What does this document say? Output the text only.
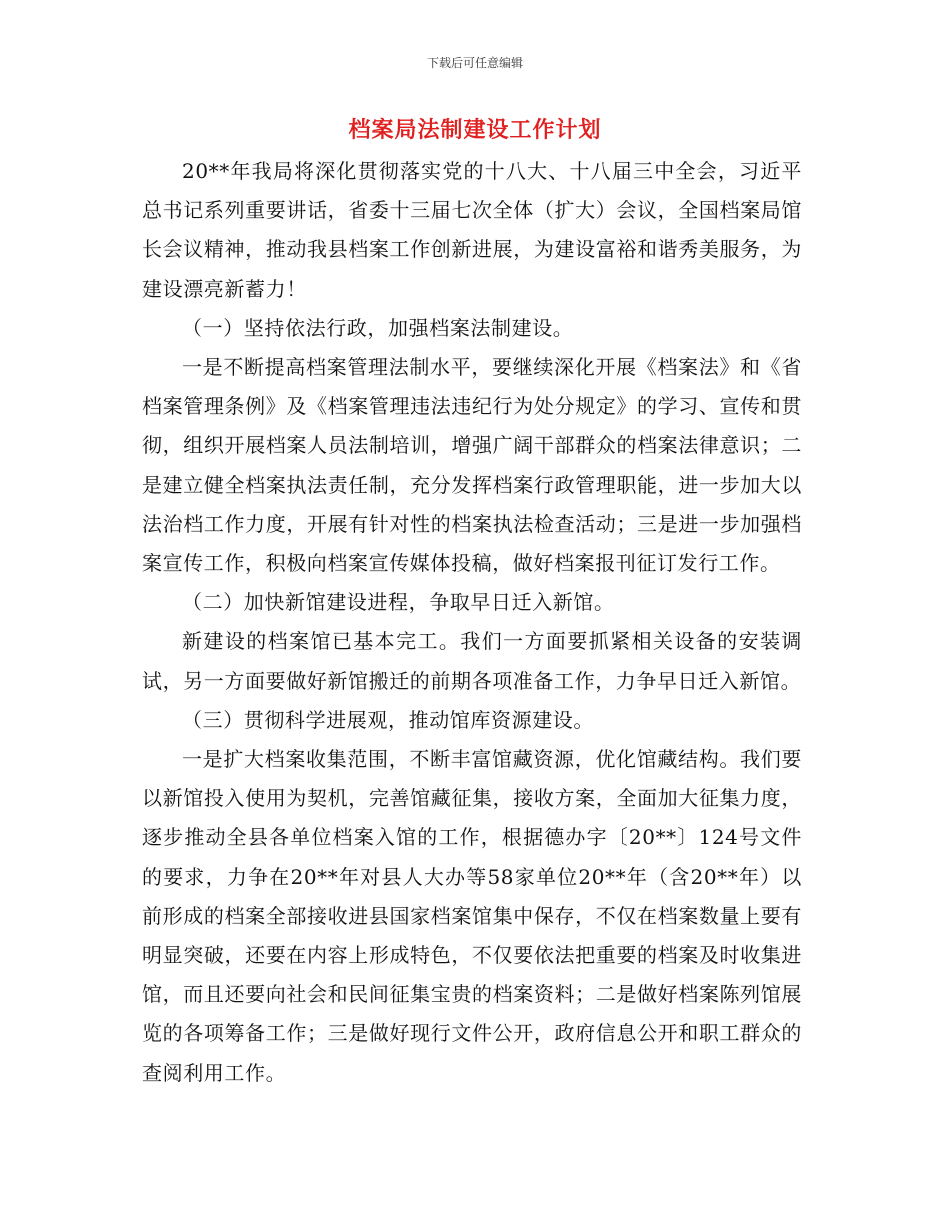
下载后可任意编辑
档案局法制建设工作计划

20**年我局将深化贯彻落实党的十八大、十八届三中全会，习近平总书记系列重要讲话，省委十三届七次全体（扩大）会议，全国档案局馆长会议精神，推动我县档案工作创新进展，为建设富裕和谐秀美服务，为建设漂亮新蓄力！

（一）坚持依法行政，加强档案法制建设。

一是不断提高档案管理法制水平，要继续深化开展《档案法》和《省档案管理条例》及《档案管理违法违纪行为处分规定》的学习、宣传和贯彻，组织开展档案人员法制培训，增强广阔干部群众的档案法律意识；二是建立健全档案执法责任制，充分发挥档案行政管理职能，进一步加大以法治档工作力度，开展有针对性的档案执法检查活动；三是进一步加强档案宣传工作，积极向档案宣传媒体投稿，做好档案报刊征订发行工作。

（二）加快新馆建设进程，争取早日迁入新馆。

新建设的档案馆已基本完工。我们一方面要抓紧相关设备的安装调试，另一方面要做好新馆搬迁的前期各项准备工作，力争早日迁入新馆。

（三）贯彻科学进展观，推动馆库资源建设。

一是扩大档案收集范围，不断丰富馆藏资源，优化馆藏结构。我们要以新馆投入使用为契机，完善馆藏征集，接收方案，全面加大征集力度，逐步推动全县各单位档案入馆的工作，根据德办字〔20**〕124号文件的要求，力争在20**年对县人大办等58家单位20**年（含20**年）以前形成的档案全部接收进县国家档案馆集中保存，不仅在档案数量上要有明显突破，还要在内容上形成特色，不仅要依法把重要的档案及时收集进馆，而且还要向社会和民间征集宝贵的档案资料；二是做好档案陈列馆展览的各项筹备工作；三是做好现行文件公开，政府信息公开和职工群众的查阅利用工作。
